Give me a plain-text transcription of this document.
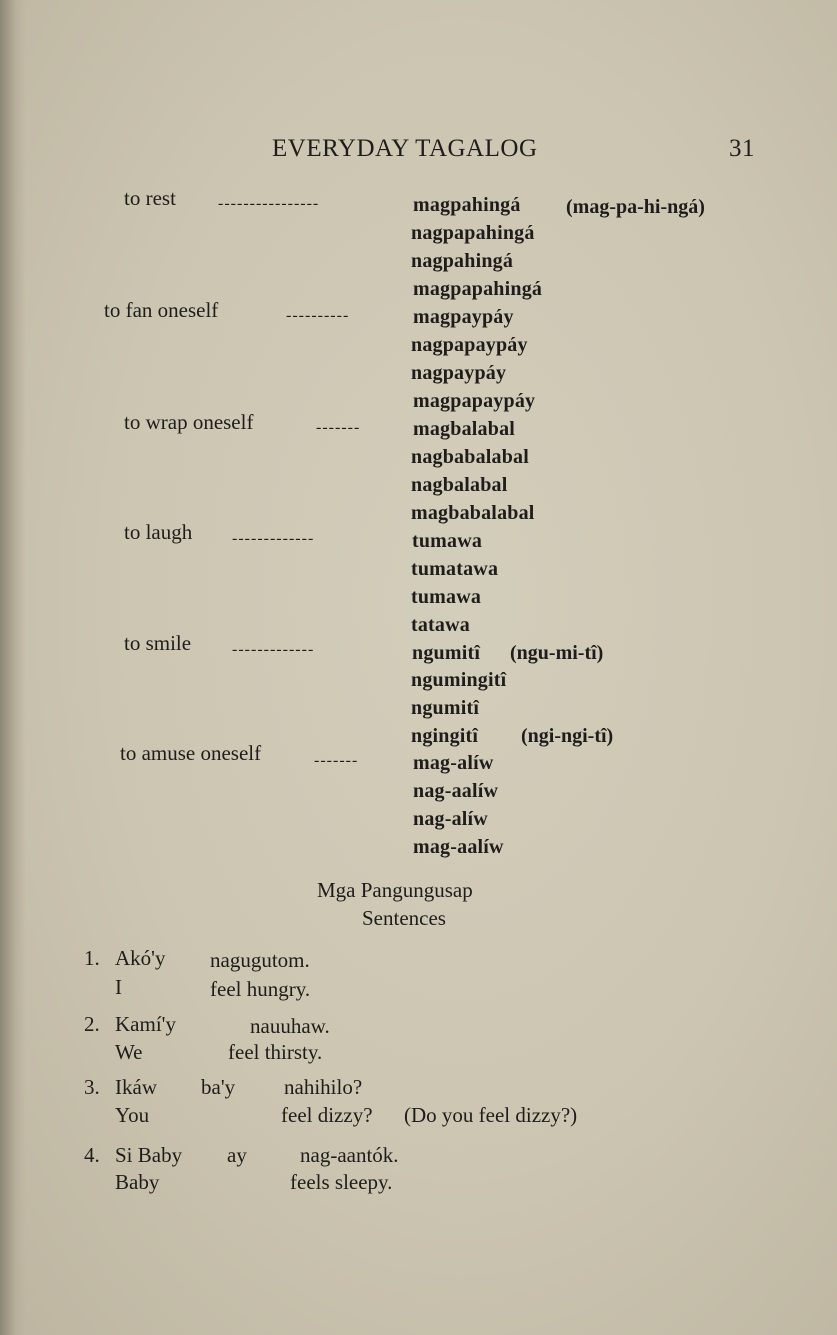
EVERYDAY TAGALOG	31
to rest	----------------	magpahingá (mag-pa-hi-ngá)
nagpapahingá
nagpahingá
magpapahingá
to fan oneself	----------	magpaypáy
nagpapaypáy
nagpaypáy
magpapaypáy
to wrap oneself	-------	magbalabal
nagbabalabal
nagbalabal
magbabalabal
to laugh -------------	tumawa
tumatawa
tumawa
tatawa
to smile	-------------	ngumitî (ngu-mi-tî)
ngumingitî
ngumitî
ngingitî (ngi-ngi-tî)
to amuse oneself	-------	mag-alíw
nag-aalíw
nag-alíw
mag-aalíw
Mga Pangungusap
Sentences
1. Akó'y nagugutom.
I	feel hungry.
2. Kamí'y	nauuhaw.
We	feel thirsty.
3. Ikáw ba'y nahihilo?
You	feel dizzy? (Do you feel dizzy?)
4. Si Baby ay	nag-aantók.
Baby	feels sleepy.
